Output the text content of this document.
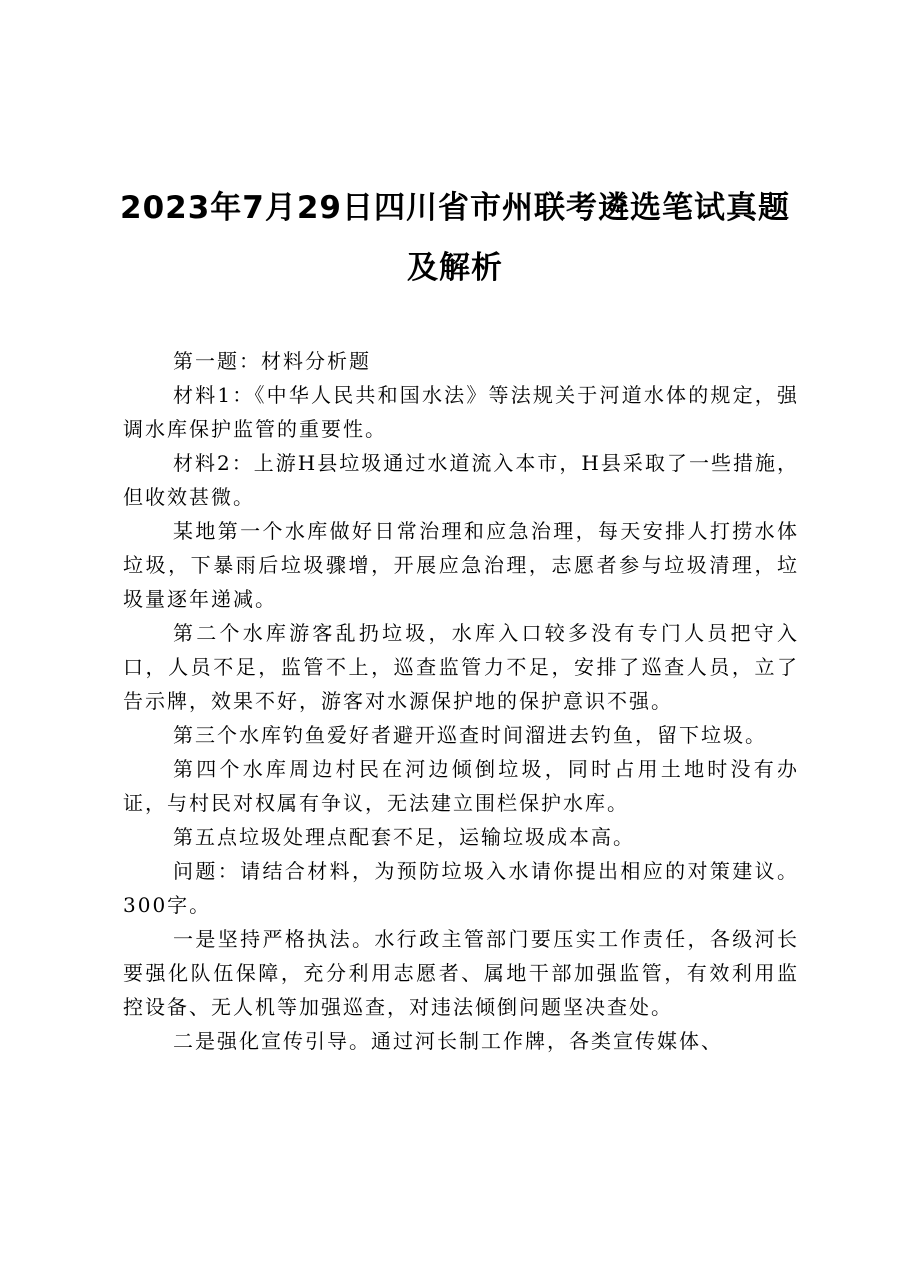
2023年7月29日四川省市州联考遴选笔试真题
及解析

第一题：材料分析题

材料1：《中华人民共和国水法》等法规关于河道水体的规定，强调水库保护监管的重要性。

材料2：上游H县垃圾通过水道流入本市，H县采取了一些措施，但收效甚微。

某地第一个水库做好日常治理和应急治理，每天安排人打捞水体垃圾，下暴雨后垃圾骤增，开展应急治理，志愿者参与垃圾清理，垃圾量逐年递减。

第二个水库游客乱扔垃圾，水库入口较多没有专门人员把守入口，人员不足，监管不上，巡查监管力不足，安排了巡查人员，立了告示牌，效果不好，游客对水源保护地的保护意识不强。

第三个水库钓鱼爱好者避开巡查时间溜进去钓鱼，留下垃圾。

第四个水库周边村民在河边倾倒垃圾，同时占用土地时没有办证，与村民对权属有争议，无法建立围栏保护水库。

第五点垃圾处理点配套不足，运输垃圾成本高。

问题：请结合材料，为预防垃圾入水请你提出相应的对策建议。300字。

一是坚持严格执法。水行政主管部门要压实工作责任，各级河长要强化队伍保障，充分利用志愿者、属地干部加强监管，有效利用监控设备、无人机等加强巡查，对违法倾倒问题坚决查处。

二是强化宣传引导。通过河长制工作牌，各类宣传媒体、
